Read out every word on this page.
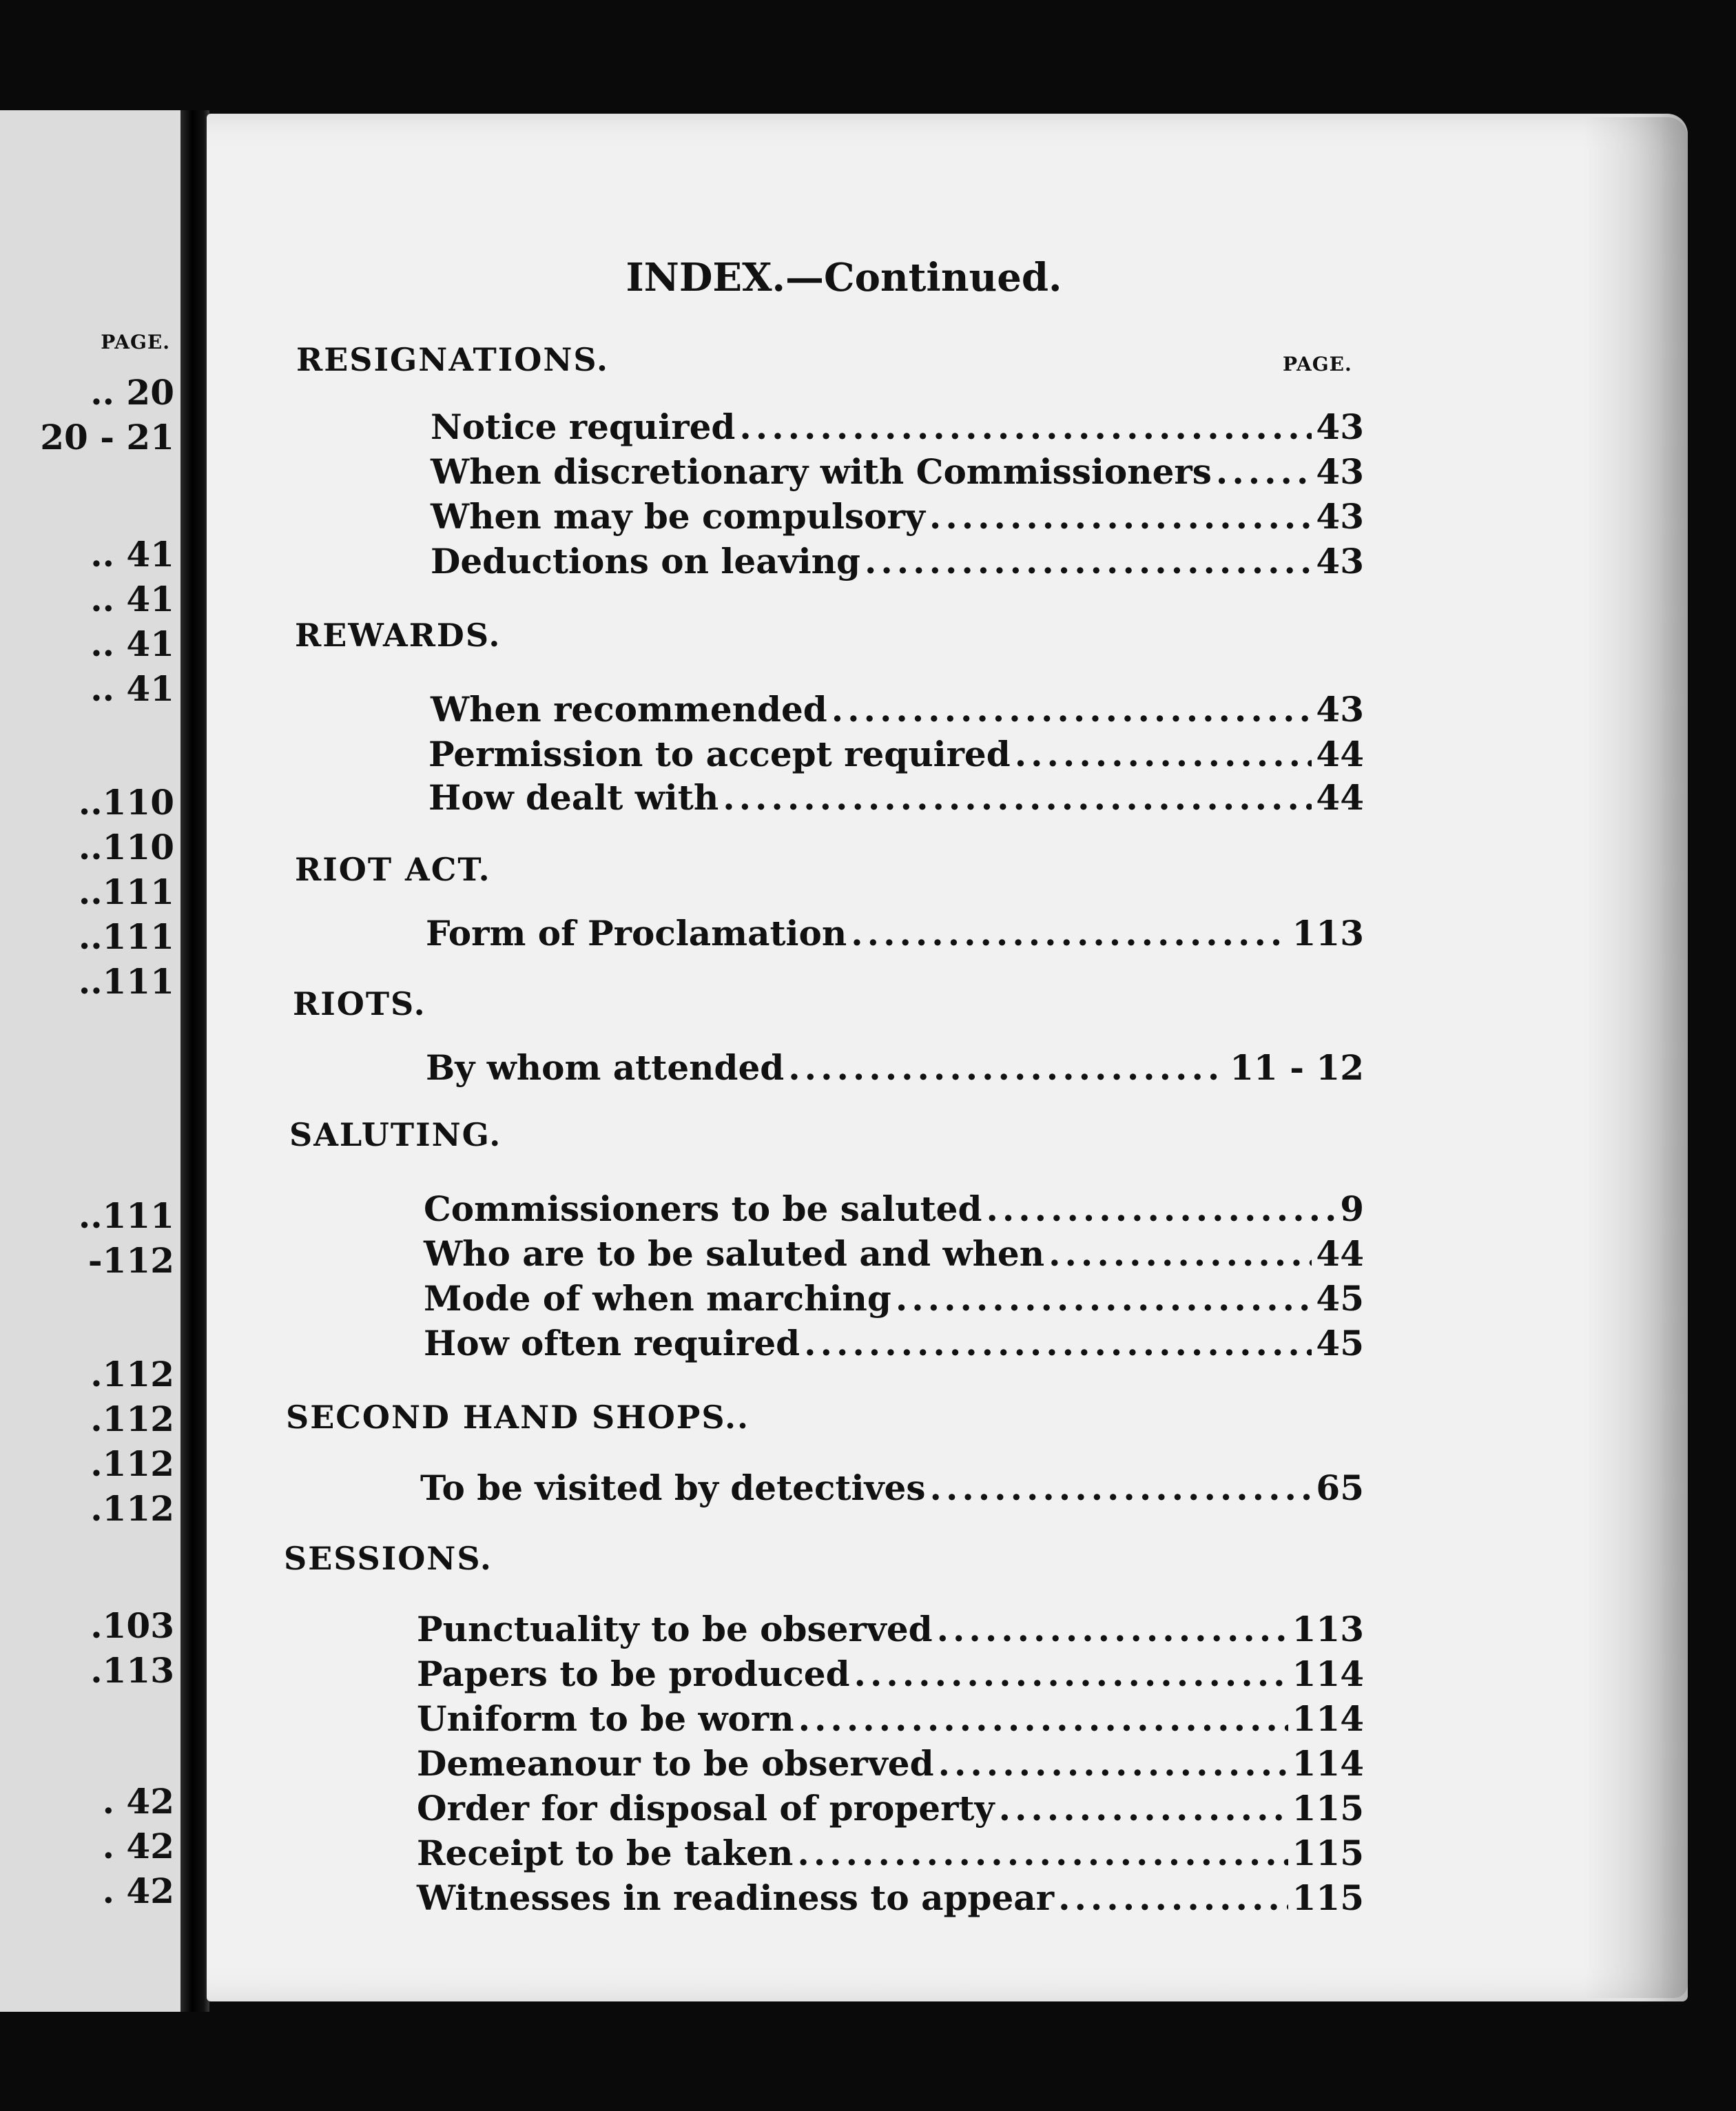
PAGE.
.. 20
20 - 21
.. 41
.. 41
.. 41
.. 41
..110
..110
..111
..111
..111
..111
-112
.112
.112
.112
.112
.103
.113
. 42
. 42
. 42
INDEX.—Continued.
PAGE.
RESIGNATIONS.
Notice required .....	43
When discretionary with Commissioners .....	43
When may be compulsory .....	43
Deductions on leaving .....	43
REWARDS.
When recommended .....	43
Permission to accept required .....	44
How dealt with .....	44
RIOT ACT.
Form of Proclamation .....	113
RIOTS.
By whom attended .....	11 - 12
SALUTING.
Commissioners to be saluted .....	9
Who are to be saluted and when .....	44
Mode of when marching .....	45
How often required .....	45
SECOND HAND SHOPS..
To be visited by detectives .....	65
SESSIONS.
Punctuality to be observed .....	113
Papers to be produced .....	114
Uniform to be worn .....	114
Demeanour to be observed .....	114
Order for disposal of property .....	115
Receipt to be taken .....	115
Witnesses in readiness to appear .....	115
